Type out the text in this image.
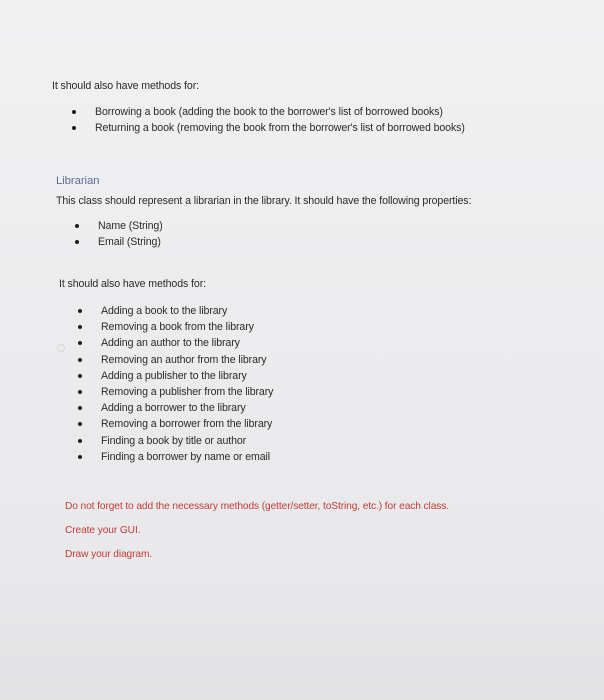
It should also have methods for:
Borrowing a book (adding the book to the borrower's list of borrowed books)
Returning a book (removing the book from the borrower's list of borrowed books)
Librarian
This class should represent a librarian in the library. It should have the following properties:
Name (String)
Email (String)
It should also have methods for:
Adding a book to the library
Removing a book from the library
Adding an author to the library
Removing an author from the library
Adding a publisher to the library
Removing a publisher from the library
Adding a borrower to the library
Removing a borrower from the library
Finding a book by title or author
Finding a borrower by name or email
Do not forget to add the necessary methods (getter/setter, toString, etc.) for each class.
Create your GUI.
Draw your diagram.
